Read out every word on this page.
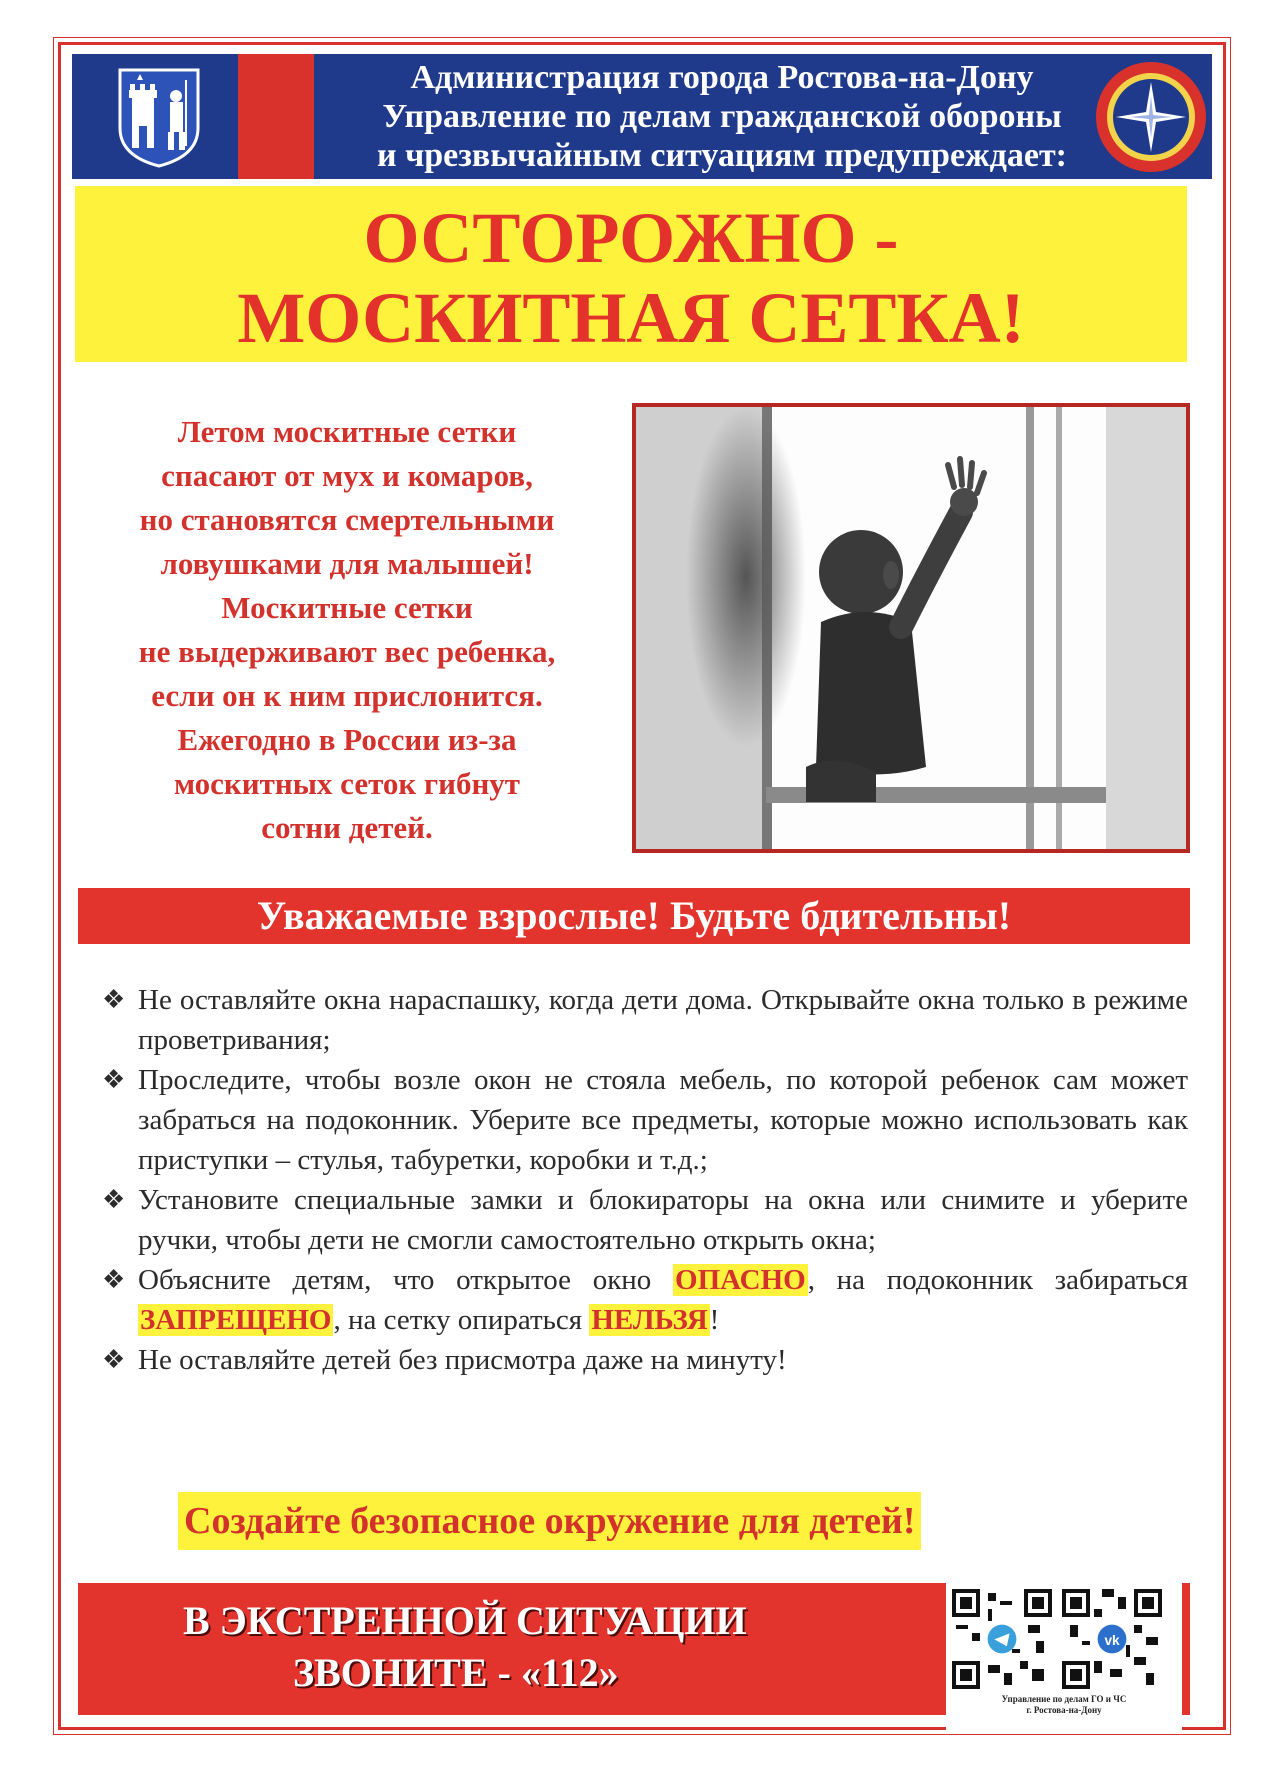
Администрация города Ростова-на-Дону
Управление по делам гражданской обороны
и чрезвычайным ситуациям предупреждает:
ОСТОРОЖНО -
МОСКИТНАЯ СЕТКА!
Летом москитные сетки
спасают от мух и комаров,
но становятся смертельными
ловушками для малышей!
Москитные сетки
не выдерживают вес ребенка,
если он к ним прислонится.
Ежегодно в России из-за
москитных сеток гибнут
сотни детей.
Уважаемые взрослые! Будьте бдительны!
❖ Не оставляйте окна нараспашку, когда дети дома. Открывайте окна только в режиме проветривания;
❖ Проследите, чтобы возле окон не стояла мебель, по которой ребенок сам может забраться на подоконник. Уберите все предметы, которые можно использовать как приступки – стулья, табуретки, коробки и т.д.;
❖ Установите специальные замки и блокираторы на окна или снимите и уберите ручки, чтобы дети не смогли самостоятельно открыть окна;
❖ Объясните детям, что открытое окно ОПАСНО, на подоконник забираться ЗАПРЕЩЕНО, на сетку опираться НЕЛЬЗЯ!
❖ Не оставляйте детей без присмотра даже на минуту!
Создайте безопасное окружение для детей!
В ЭКСТРЕННОЙ СИТУАЦИИ
ЗВОНИТЕ - «112»
vk
Управление по делам ГО и ЧС
г. Ростова-на-Дону
